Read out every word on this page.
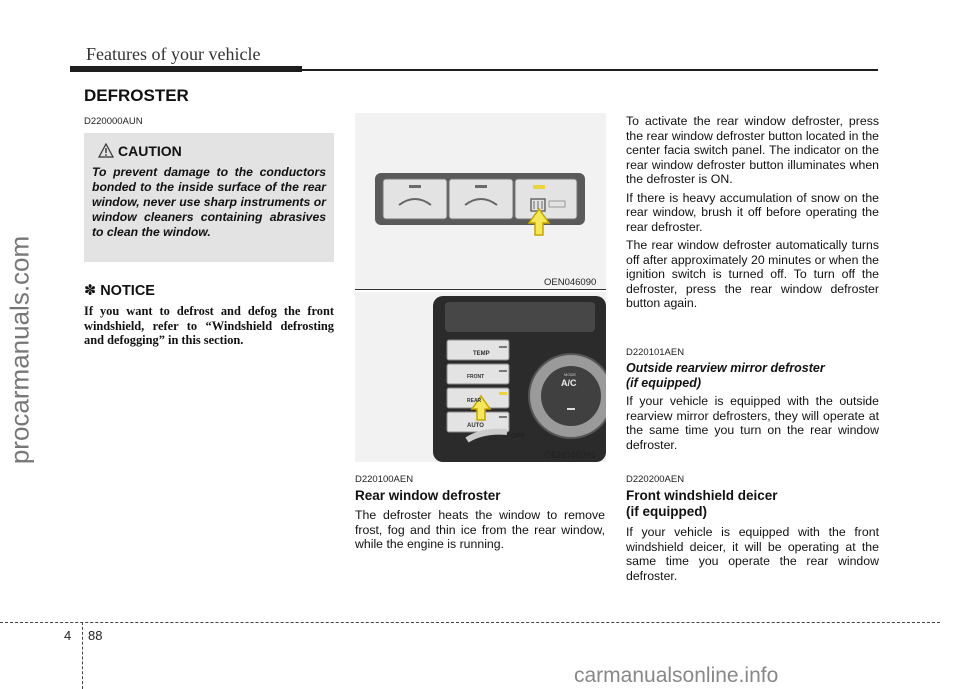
Features of your vehicle
procarmanuals.com
DEFROSTER
D220000AUN
CAUTION
To prevent damage to the conductors bonded to the inside surface of the rear window, never use sharp instruments or window cleaners containing abrasives to clean the window.
✽ NOTICE
If you want to defrost and defog the front windshield, refer to “Windshield defrosting and defogging” in this section.
OEN046090
TEMP
FRONT
REAR
AUTO
OFF
A/C
MODE
OEN046091
D220100AEN
Rear window defroster
The defroster heats the window to remove frost, fog and thin ice from the rear window, while the engine is running.

To activate the rear window defroster, press the rear window defroster button located in the center facia switch panel. The indicator on the rear window defroster button illuminates when the defroster is ON.

If there is heavy accumulation of snow on the rear window, brush it off before operating the rear defroster.

The rear window defroster automatically turns off after approximately 20 minutes or when the ignition switch is turned off. To turn off the defroster, press the rear window defroster button again.

D220101AEN
Outside rearview mirror defroster
(if equipped)
If your vehicle is equipped with the outside rearview mirror defrosters, they will operate at the same time you turn on the rear window defroster.
D220200AEN
Front windshield deicer
(if equipped)
If your vehicle is equipped with the front windshield deicer, it will be operating at the same time you operate the rear window defroster.
4 88
carmanualsonline.info
